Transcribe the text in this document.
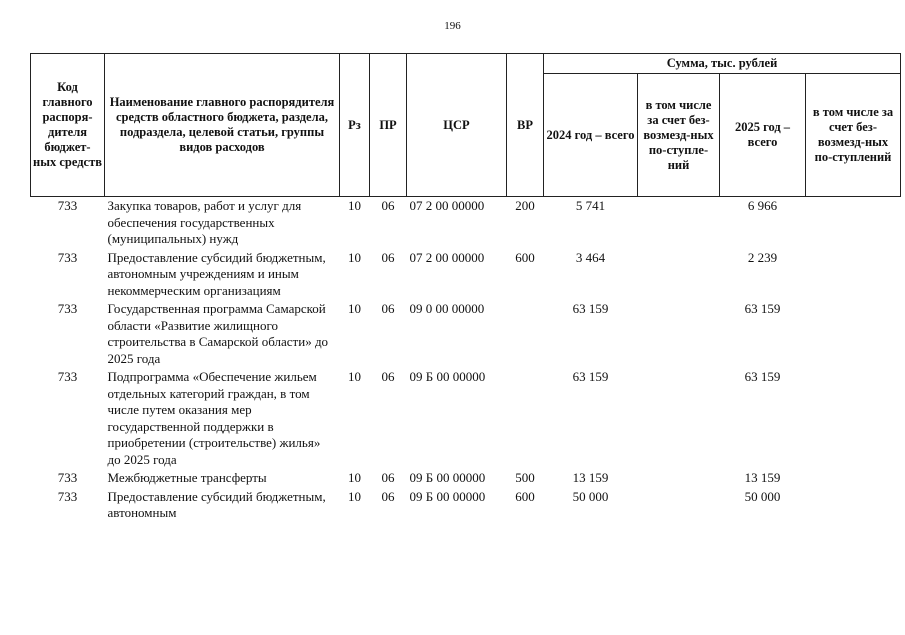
196
Код главного распоря-дителя бюджет-ных средств	Наименование главного распорядителя средств областного бюджета, раздела, подраздела, целевой статьи, группы видов расходов	Рз	ПР	ЦСР	ВР	Сумма, тыс. рублей			
						2024 год – всего	в том числе за счет без-возмезд-ных по-ступле-ний	2025 год – всего	в том числе за счет без-возмезд-ных по-ступлений
733	Закупка товаров, работ и услуг для обеспечения государственных (муниципальных) нужд	10	06	07 2 00 00000	200	5 741		6 966	
733	Предоставление субсидий бюджетным, автономным учреждениям и иным некоммерческим организациям	10	06	07 2 00 00000	600	3 464		2 239	
733	Государственная программа Самарской области «Развитие жилищного строительства в Самарской области» до 2025 года	10	06	09 0 00 00000		63 159		63 159	
733	Подпрограмма «Обеспечение жильем отдельных категорий граждан, в том числе путем оказания мер государственной поддержки в приобретении (строительстве) жилья» до 2025 года	10	06	09 Б 00 00000		63 159		63 159	
733	Межбюджетные трансферты	10	06	09 Б 00 00000	500	13 159		13 159	
733	Предоставление субсидий бюджетным, автономным	10	06	09 Б 00 00000	600	50 000		50 000	
